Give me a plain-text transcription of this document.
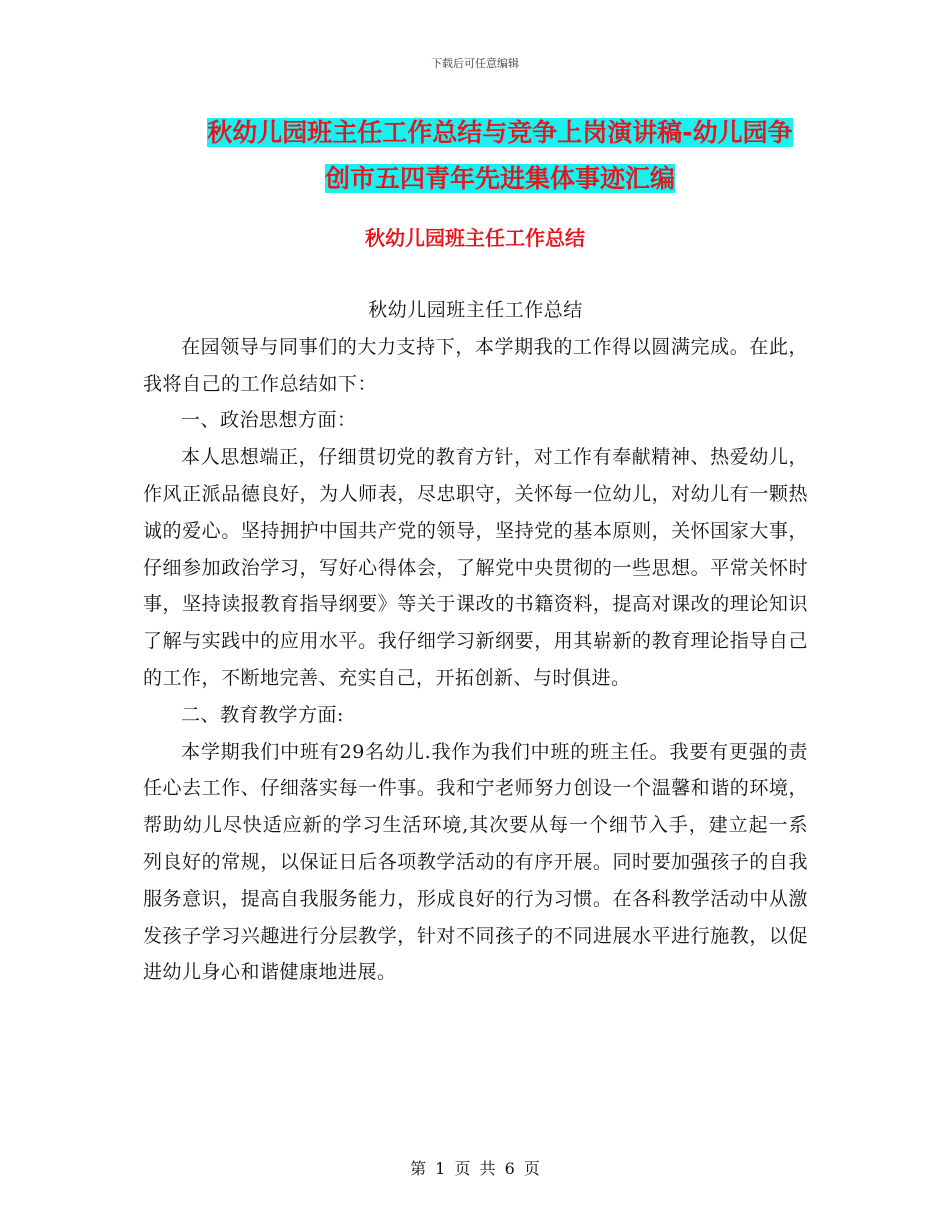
下载后可任意编辑
秋幼儿园班主任工作总结与竞争上岗演讲稿-幼儿园争
创市五四青年先进集体事迹汇编
秋幼儿园班主任工作总结

秋幼儿园班主任工作总结

在园领导与同事们的大力支持下，本学期我的工作得以圆满完成。在此，我将自己的工作总结如下：

一、政治思想方面：

本人思想端正，仔细贯切党的教育方针，对工作有奉献精神、热爱幼儿，作风正派品德良好，为人师表，尽忠职守，关怀每一位幼儿，对幼儿有一颗热诚的爱心。坚持拥护中国共产党的领导，坚持党的基本原则，关怀国家大事，仔细参加政治学习，写好心得体会，了解党中央贯彻的一些思想。平常关怀时事，坚持读报教育指导纲要》等关于课改的书籍资料，提高对课改的理论知识了解与实践中的应用水平。我仔细学习新纲要，用其崭新的教育理论指导自己的工作，不断地完善、充实自己，开拓创新、与时俱进。

二、教育教学方面:

本学期我们中班有29名幼儿.我作为我们中班的班主任。我要有更强的责任心去工作、仔细落实每一件事。我和宁老师努力创设一个温馨和谐的环境，帮助幼儿尽快适应新的学习生活环境,其次要从每一个细节入手，建立起一系列良好的常规，以保证日后各项教学活动的有序开展。同时要加强孩子的自我服务意识，提高自我服务能力，形成良好的行为习惯。在各科教学活动中从激发孩子学习兴趣进行分层教学，针对不同孩子的不同进展水平进行施教，以促进幼儿身心和谐健康地进展。

第 1 页 共 6 页
